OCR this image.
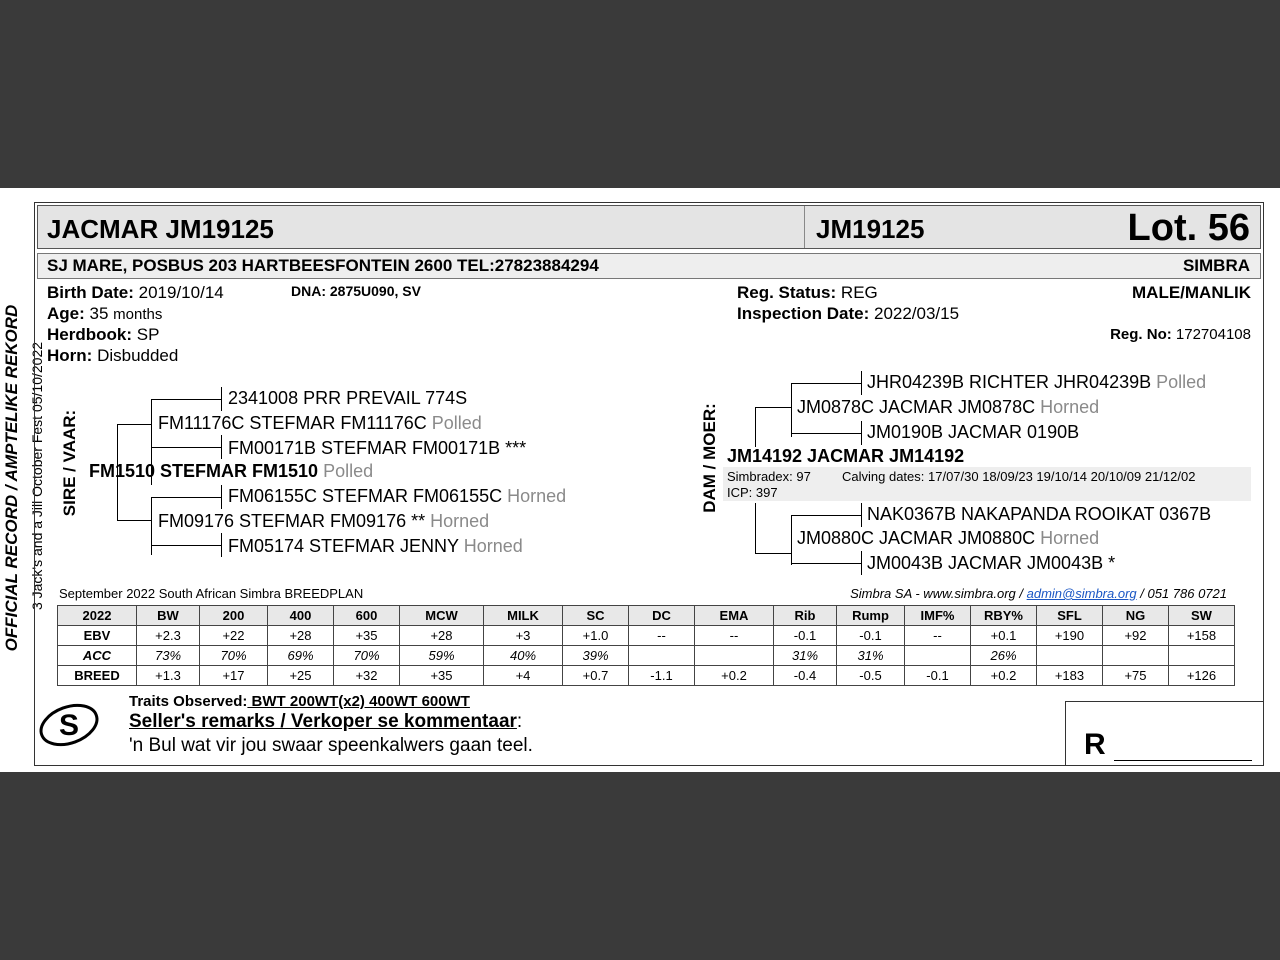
OFFICIAL RECORD / AMPTELIKE REKORD 3 Jack's and a Jill October Fest 05/10/2022
JACMAR JM19125	JM19125	Lot. 56
SJ MARE, POSBUS 203 HARTBEESFONTEIN 2600 TEL:27823884294	SIMBRA
Birth Date: 2019/10/14	DNA: 2875U090, SV
Age: 35 months
Herdbook: SP
Horn: Disbudded
Reg. Status: REG	MALE/MANLIK
Inspection Date: 2022/03/15
Reg. No: 172704108
SIRE / VAAR:
2341008 PRR PREVAIL 774S
FM11176C STEFMAR FM11176C Polled
FM00171B STEFMAR FM00171B ***
FM1510 STEFMAR FM1510 Polled
FM06155C STEFMAR FM06155C Horned
FM09176 STEFMAR FM09176 ** Horned
FM05174 STEFMAR JENNY Horned
DAM / MOER:
JHR04239B RICHTER JHR04239B Polled
JM0878C JACMAR JM0878C Horned
JM0190B JACMAR 0190B
JM14192 JACMAR JM14192
Simbradex: 97 Calving dates: 17/07/30 18/09/23 19/10/14 20/10/09 21/12/02
ICP: 397
NAK0367B NAKAPANDA ROOIKAT 0367B
JM0880C JACMAR JM0880C Horned
JM0043B JACMAR JM0043B *
September 2022 South African Simbra BREEDPLAN	Simbra SA - www.simbra.org / admin@simbra.org / 051 786 0721
2022	BW	200	400	600	MCW	MILK	SC	DC	EMA	Rib	Rump	IMF%	RBY%	SFL	NG	SW
EBV	+2.3	+22	+28	+35	+28	+3	+1.0	--	--	-0.1	-0.1	--	+0.1	+190	+92	+158
ACC	73%	70%	69%	70%	59%	40%	39%			31%	31%		26%			
BREED	+1.3	+17	+25	+32	+35	+4	+0.7	-1.1	+0.2	-0.4	-0.5	-0.1	+0.2	+183	+75	+126
R
S
Traits Observed: BWT 200WT(x2) 400WT 600WT
Seller's remarks / Verkoper se kommentaar:
'n Bul wat vir jou swaar speenkalwers gaan teel.
